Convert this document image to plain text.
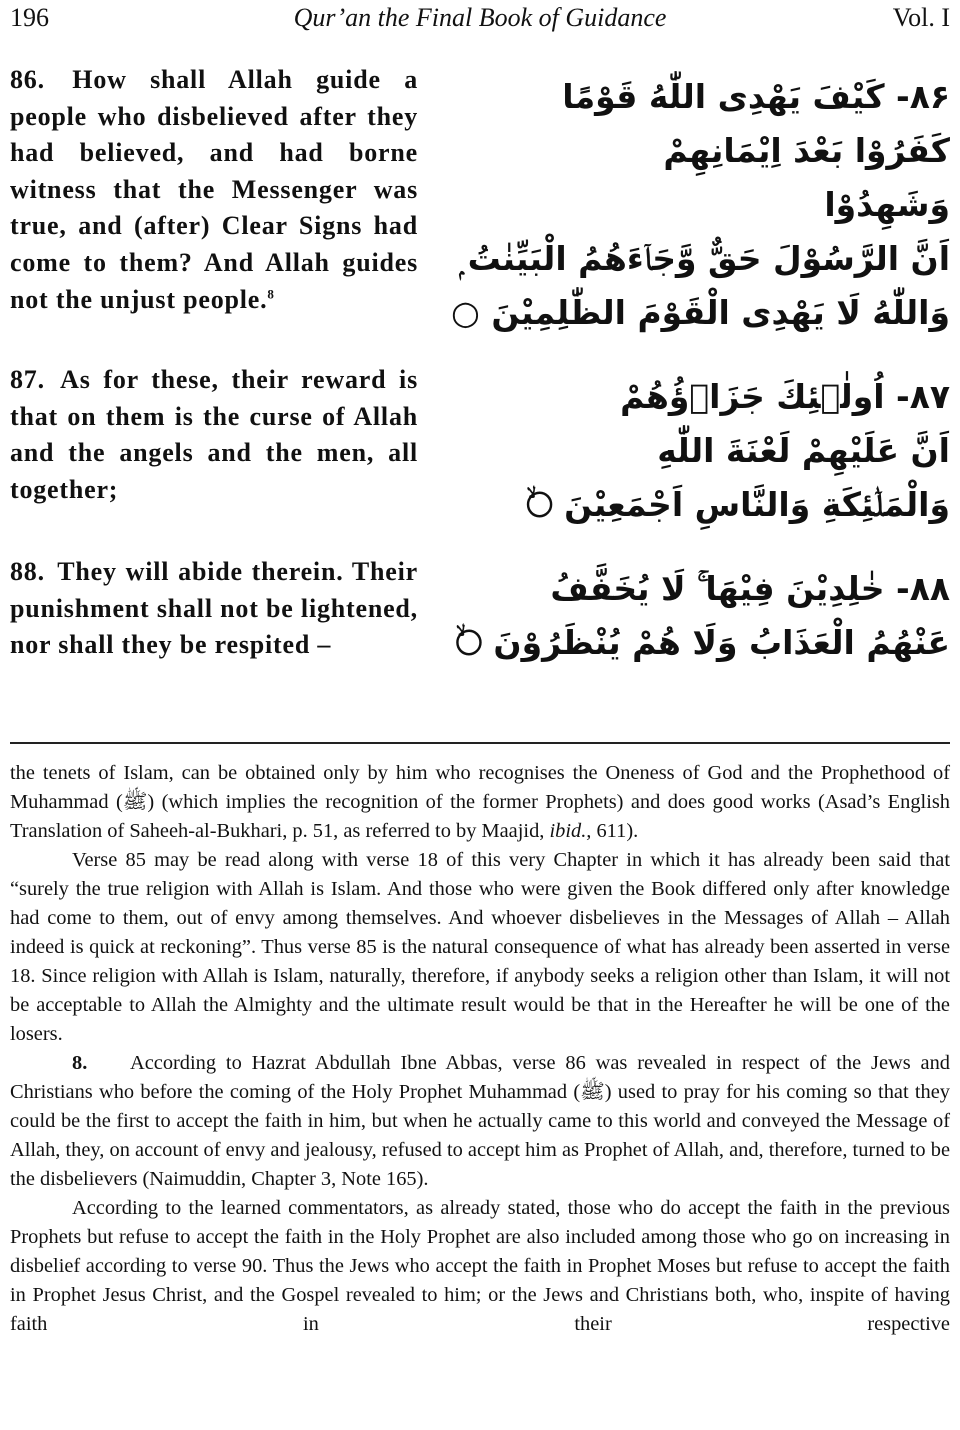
196	Qur’an the Final Book of Guidance	Vol. I
86. How shall Allah guide a people who disbelieved after they had believed, and had borne witness that the Messenger was true, and (after) Clear Signs had come to them? And Allah guides not the unjust people.$^8$
۸۶- كَيْفَ يَهْدِى اللّٰهُ قَوْمًا
كَفَرُوْا بَعْدَ اِيْمَانِهِمْ
وَشَهِدُوْا
اَنَّ الرَّسُوْلَ حَقٌّ وَّجَاۤءَهُمُ الْبَيِّنٰتُ ۭ
وَاللّٰهُ لَا يَهْدِى الْقَوْمَ الظّٰلِمِيْنَ ○
87. As for these, their reward is that on them is the curse of Allah and the angels and the men, all together;
۸۷- اُولٰۤئِكَ جَزَاۤؤُهُمْ
اَنَّ عَلَيْهِمْ لَعْنَةَ اللّٰهِ
وَالْمَلٰۤئِكَةِ وَالنَّاسِ اَجْمَعِيْنَ ○ۙ
88. They will abide therein. Their punishment shall not be lightened, nor shall they be respited –
۸۸- خٰلِدِيْنَ فِيْهَا ۚ لَا يُخَفَّفُ
عَنْهُمُ الْعَذَابُ وَلَا هُمْ يُنْظَرُوْنَ ○ۙ

the tenets of Islam, can be obtained only by him who recognises the Oneness of God and the Prophethood of Muhammad (ﷺ) (which implies the recognition of the former Prophets) and does good works (Asad’s English Translation of Saheeh-al-Bukhari, p. 51, as referred to by Maajid, ibid., 611).

Verse 85 may be read along with verse 18 of this very Chapter in which it has already been said that “surely the true religion with Allah is Islam. And those who were given the Book differed only after knowledge had come to them, out of envy among themselves. And whoever disbelieves in the Messages of Allah – Allah indeed is quick at reckoning”. Thus verse 85 is the natural consequence of what has already been asserted in verse 18. Since religion with Allah is Islam, naturally, therefore, if anybody seeks a religion other than Islam, it will not be acceptable to Allah the Almighty and the ultimate result would be that in the Hereafter he will be one of the losers.

8. According to Hazrat Abdullah Ibne Abbas, verse 86 was revealed in respect of the Jews and Christians who before the coming of the Holy Prophet Muhammad (ﷺ) used to pray for his coming so that they could be the first to accept the faith in him, but when he actually came to this world and conveyed the Message of Allah, they, on account of envy and jealousy, refused to accept him as Prophet of Allah, and, therefore, turned to be the disbelievers (Naimuddin, Chapter 3, Note 165).

According to the learned commentators, as already stated, those who do accept the faith in the previous Prophets but refuse to accept the faith in the Holy Prophet are also included among those who go on increasing in disbelief according to verse 90. Thus the Jews who accept the faith in Prophet Moses but refuse to accept the faith in Prophet Jesus Christ, and the Gospel revealed to him; or the Jews and Christians both, who, inspite of having faith in their respective
